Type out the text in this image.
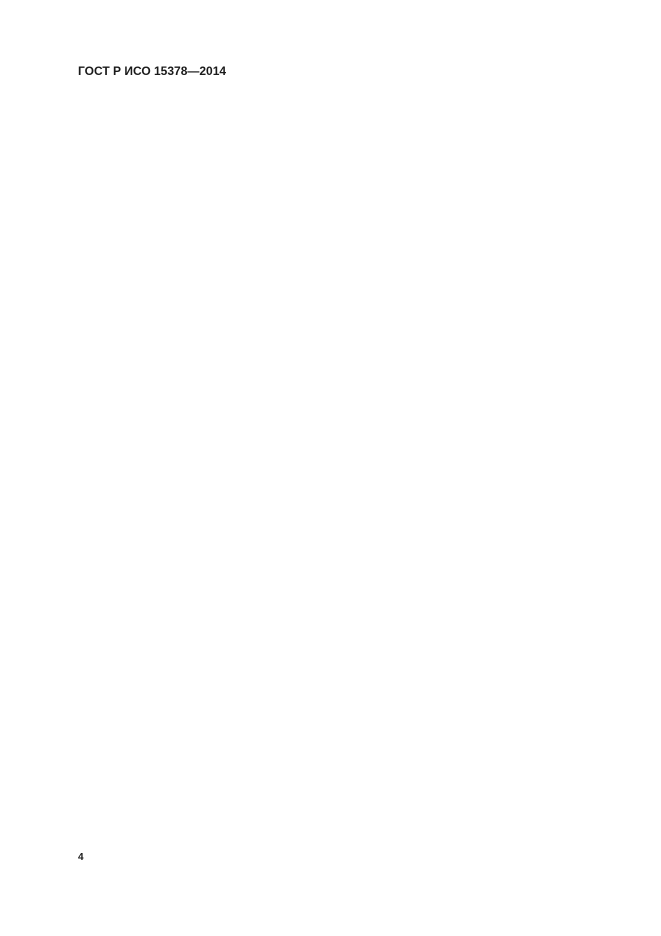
ГОСТ Р ИСО 15378—2014
4
